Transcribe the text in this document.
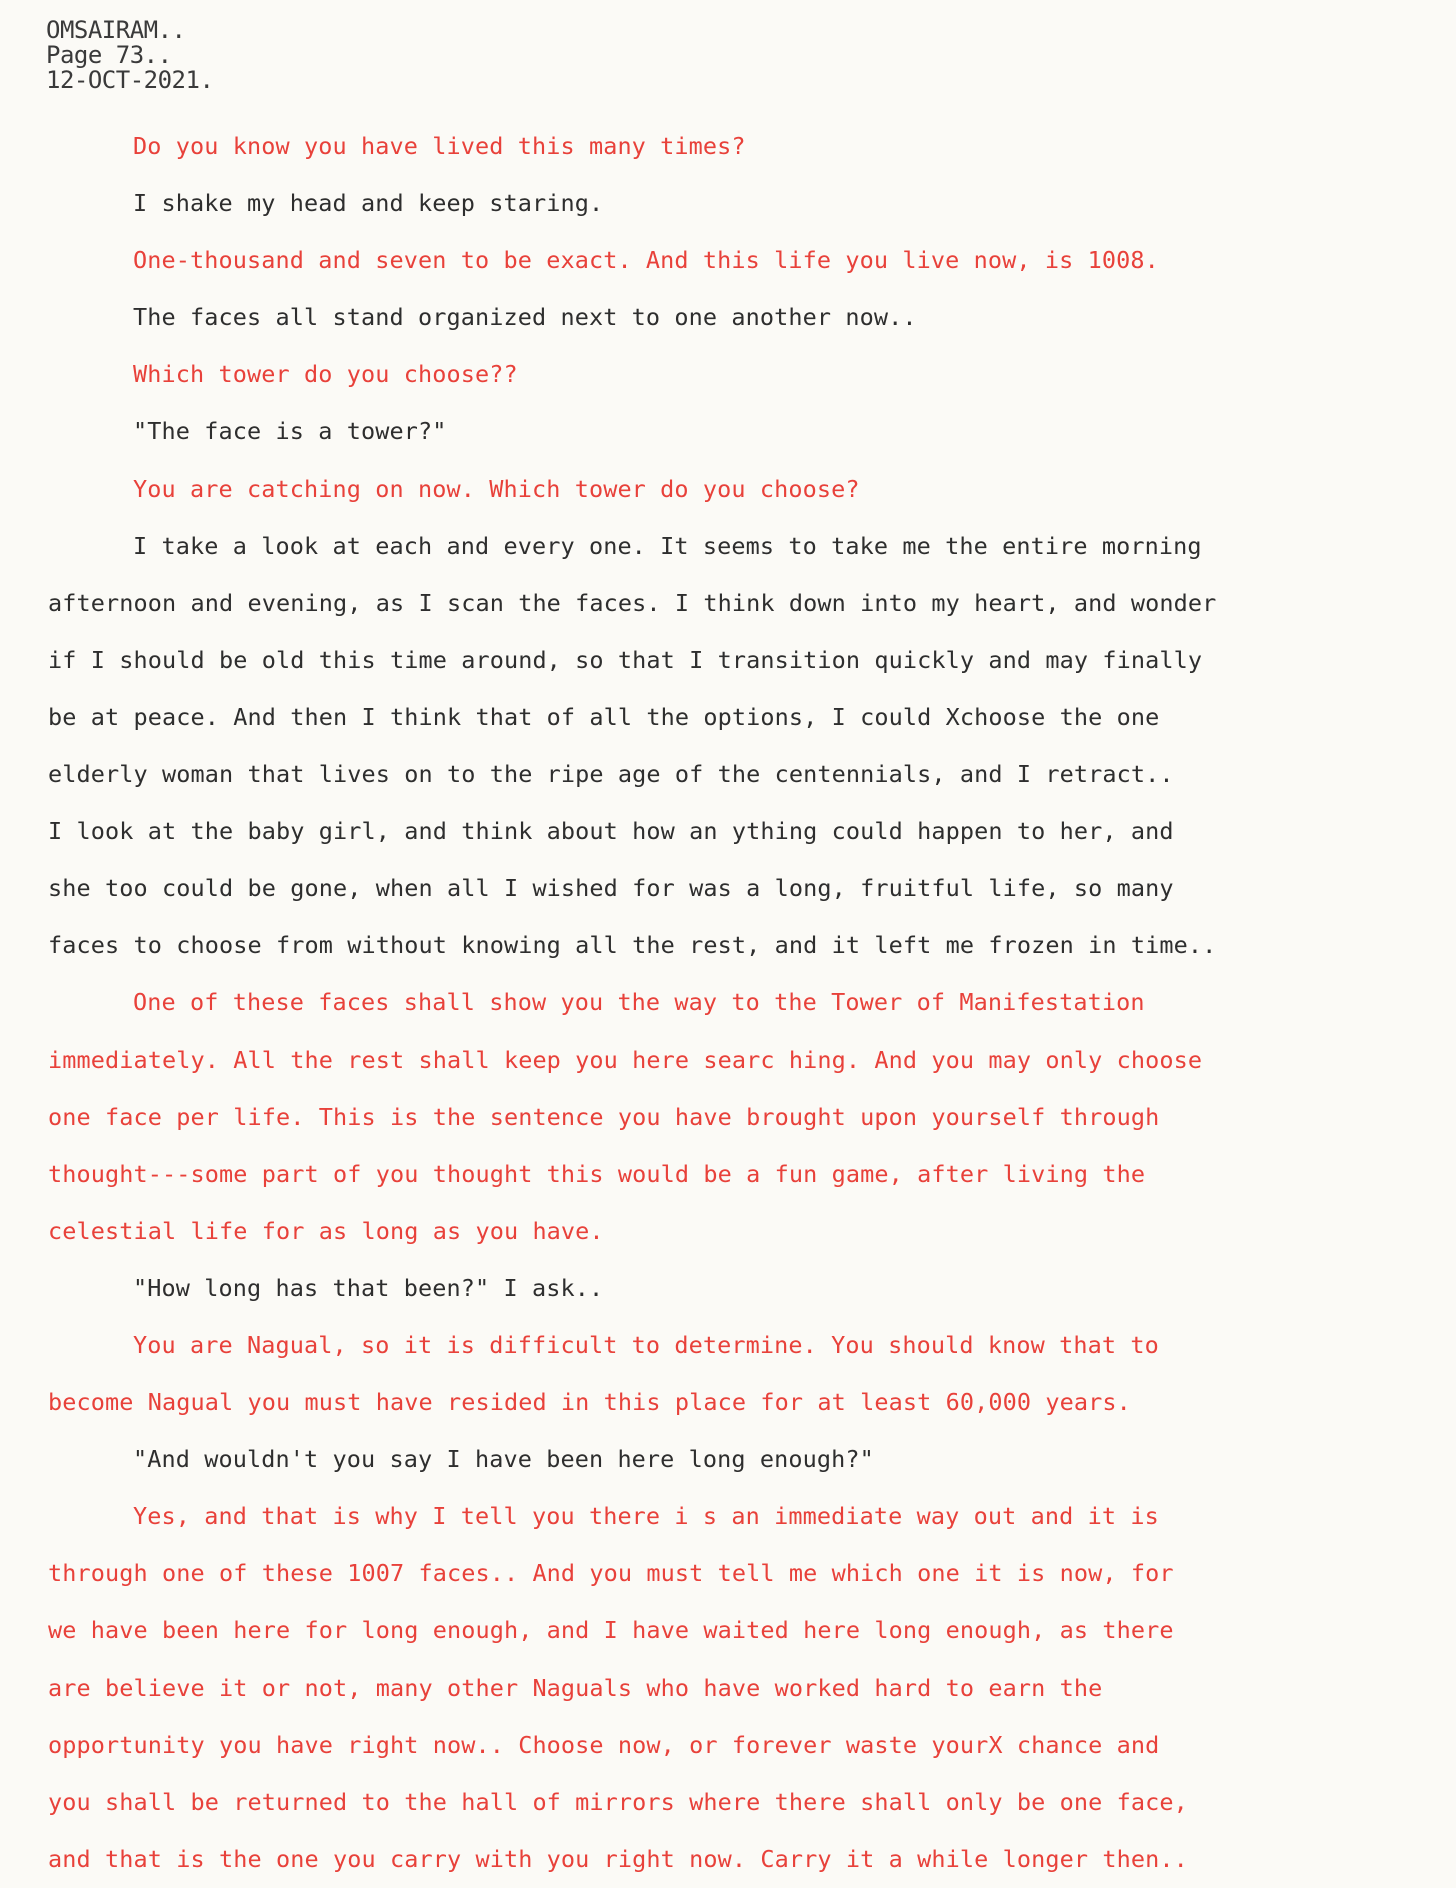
OMSAIRAM..
Page 73..
12-OCT-2021.
Do you know you have lived this many times?
I shake my head and keep staring.
One-thousand and seven to be exact. And this life you live now, is 1008.
The faces all stand organized next to one another now..
Which tower do you choose??
"The face is a tower?"
You are catching on now. Which tower do you choose?
I take a look at each and every one. It seems to take me the entire morning
afternoon and evening, as I scan the faces. I think down into my heart, and wonder
if I should be old this time around, so that I transition quickly and may finally
be at peace. And then I think that of all the options, I could Xchoose the one
elderly woman that lives on to the ripe age of the centennials, and I retract..
I look at the baby girl, and think about how an ything could happen to her, and
she too could be gone, when all I wished for was a long, fruitful life, so many
faces to choose from without knowing all the rest, and it left me frozen in time..
One of these faces shall show you the way to the Tower of Manifestation
immediately. All the rest shall keep you here searc hing. And you may only choose
one face per life. This is the sentence you have brought upon yourself through
thought---some part of you thought this would be a fun game, after living the
celestial life for as long as you have.
"How long has that been?" I ask..
You are Nagual, so it is difficult to determine. You should know that to
become Nagual you must have resided in this place for at least 60,000 years.
"And wouldn't you say I have been here long enough?"
Yes, and that is why I tell you there i s an immediate way out and it is
through one of these 1007 faces.. And you must tell me which one it is now, for
we have been here for long enough, and I have waited here long enough, as there
are believe it or not, many other Naguals who have worked hard to earn the
opportunity you have right now.. Choose now, or forever waste yourX chance and
you shall be returned to the hall of mirrors where there shall only be one face,
and that is the one you carry with you right now. Carry it a while longer then..
